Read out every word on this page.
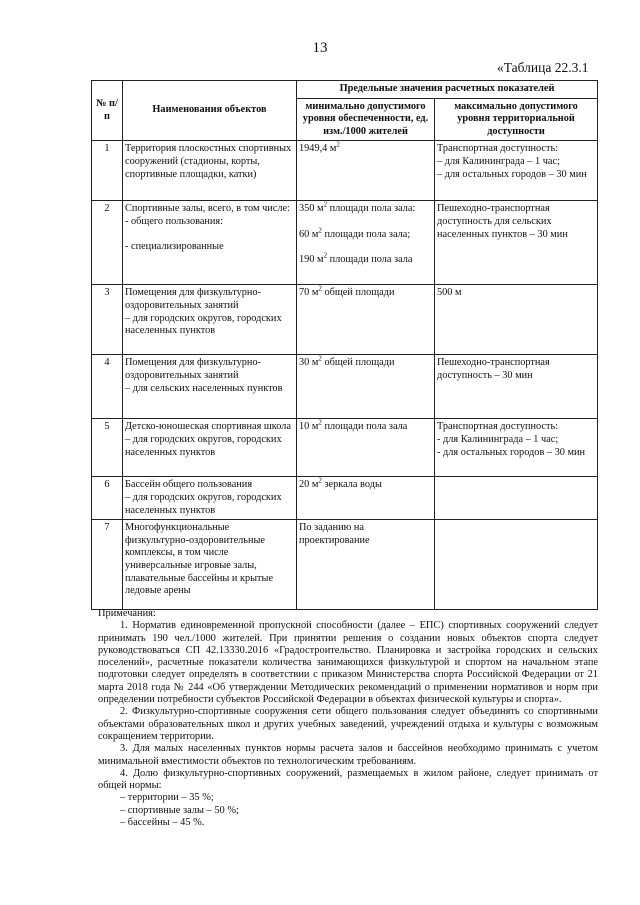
13
«Таблица 22.3.1
№ п/п	Наименования объектов	Предельные значения расчетных показателей	
		минимально допустимого уровня обеспеченности, ед. изм./1000 жителей	максимально допустимого уровня территориальной доступности
1	Территория плоскостных спортивных сооружений (стадионы, корты, спортивные площадки, катки)	1949,4 $м^2$	Транспортная доступность:
– для Калининграда – 1 час;
– для остальных городов – 30 мин

2	Спортивные залы, всего, в том числе:
- общего пользования:

- специализированные	350 $м^2$ площади пола зала:

60 $м^2$ площади пола зала;

190 $м^2$ площади пола зала	Пешеходно-транспортная доступность для сельских населенных пунктов – 30 мин

3	Помещения для физкультурно-оздоровительных занятий
– для городских округов, городских населенных пунктов	70 $м^2$ общей площади	500 м

4	Помещения для физкультурно-оздоровительных занятий
– для сельских населенных пунктов	30 $м^2$ общей площади	Пешеходно-транспортная доступность – 30 мин

5	Детско-юношеская спортивная школа
– для городских округов, городских населенных пунктов	10 $м^2$ площади пола зала	Транспортная доступность:
- для Калининграда – 1 час;
- для остальных городов – 30 мин

6	Бассейн общего пользования
– для городских округов, городских населенных пунктов	20 $м^2$ зеркала воды	

7	Многофункциональные физкультурно-оздоровительные комплексы, в том числе универсальные игровые залы, плавательные бассейны и крытые ледовые арены	По заданию на проектирование	

Примечания:

1. Норматив единовременной пропускной способности (далее – ЕПС) спортивных сооружений следует принимать 190 чел./1000 жителей. При принятии решения о создании новых объектов спорта следует руководствоваться СП 42.13330.2016 «Градостроительство. Планировка и застройка городских и сельских поселений», расчетные показатели количества занимающихся физкультурой и спортом на начальном этапе подготовки следует определять в соответствии с приказом Министерства спорта Российской Федерации от 21 марта 2018 года № 244 «Об утверждении Методических рекомендаций о применении нормативов и норм при определении потребности субъектов Российской Федерации в объектах физической культуры и спорта».

2. Физкультурно-спортивные сооружения сети общего пользования следует объединять со спортивными объектами образовательных школ и других учебных заведений, учреждений отдыха и культуры с возможным сокращением территории.

3. Для малых населенных пунктов нормы расчета залов и бассейнов необходимо принимать с учетом минимальной вместимости объектов по технологическим требованиям.

4. Долю физкультурно-спортивных сооружений, размещаемых в жилом районе, следует принимать от общей нормы:

– территории – 35 %;

– спортивные залы – 50 %;

– бассейны – 45 %.
